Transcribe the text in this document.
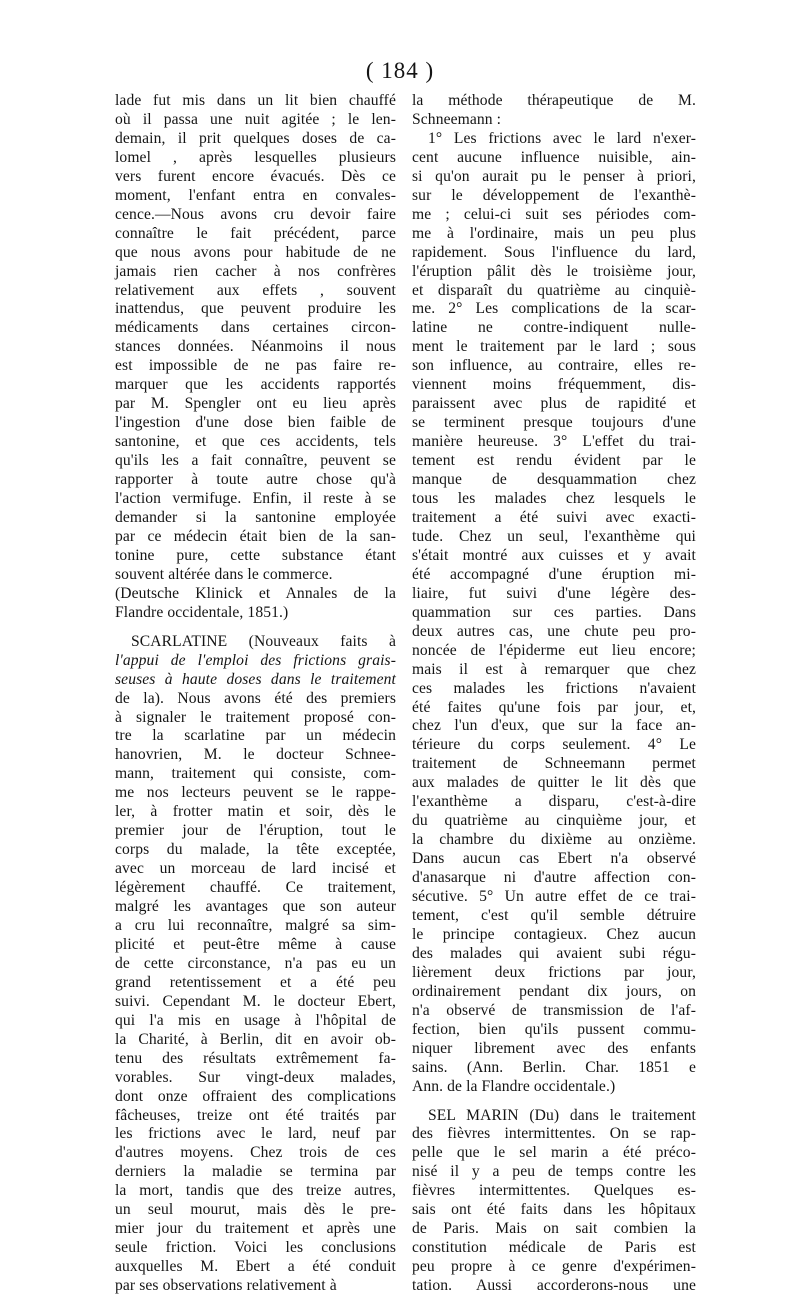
( 184 )
lade fut mis dans un lit bien chauffé
où il passa une nuit agitée ; le len-
demain, il prit quelques doses de ca-
lomel , après lesquelles plusieurs
vers furent encore évacués. Dès ce
moment, l'enfant entra en convales-
cence.—Nous avons cru devoir faire
connaître le fait précédent, parce
que nous avons pour habitude de ne
jamais rien cacher à nos confrères
relativement aux effets , souvent
inattendus, que peuvent produire les
médicaments dans certaines circon-
stances données. Néanmoins il nous
est impossible de ne pas faire re-
marquer que les accidents rapportés
par M. Spengler ont eu lieu après
l'ingestion d'une dose bien faible de
santonine, et que ces accidents, tels
qu'ils les a fait connaître, peuvent se
rapporter à toute autre chose qu'à
l'action vermifuge. Enfin, il reste à se
demander si la santonine employée
par ce médecin était bien de la san-
tonine pure, cette substance étant
souvent altérée dans le commerce.
(Deutsche Klinick et Annales de la
Flandre occidentale, 1851.)
SCARLATINE (Nouveaux faits à
l'appui de l'emploi des frictions grais-
seuses à haute doses dans le traitement
de la). Nous avons été des premiers
à signaler le traitement proposé con-
tre la scarlatine par un médecin
hanovrien, M. le docteur Schnee-
mann, traitement qui consiste, com-
me nos lecteurs peuvent se le rappe-
ler, à frotter matin et soir, dès le
premier jour de l'éruption, tout le
corps du malade, la tête exceptée,
avec un morceau de lard incisé et
légèrement chauffé. Ce traitement,
malgré les avantages que son auteur
a cru lui reconnaître, malgré sa sim-
plicité et peut-être même à cause
de cette circonstance, n'a pas eu un
grand retentissement et a été peu
suivi. Cependant M. le docteur Ebert,
qui l'a mis en usage à l'hôpital de
la Charité, à Berlin, dit en avoir ob-
tenu des résultats extrêmement fa-
vorables. Sur vingt-deux malades,
dont onze offraient des complications
fâcheuses, treize ont été traités par
les frictions avec le lard, neuf par
d'autres moyens. Chez trois de ces
derniers la maladie se termina par
la mort, tandis que des treize autres,
un seul mourut, mais dès le pre-
mier jour du traitement et après une
seule friction. Voici les conclusions
auxquelles M. Ebert a été conduit
par ses observations relativement à
la méthode thérapeutique de M.
Schneemann :
1° Les frictions avec le lard n'exer-
cent aucune influence nuisible, ain-
si qu'on aurait pu le penser à priori,
sur le développement de l'exanthè-
me ; celui-ci suit ses périodes com-
me à l'ordinaire, mais un peu plus
rapidement. Sous l'influence du lard,
l'éruption pâlit dès le troisième jour,
et disparaît du quatrième au cinquiè-
me. 2° Les complications de la scar-
latine ne contre-indiquent nulle-
ment le traitement par le lard ; sous
son influence, au contraire, elles re-
viennent moins fréquemment, dis-
paraissent avec plus de rapidité et
se terminent presque toujours d'une
manière heureuse. 3° L'effet du trai-
tement est rendu évident par le
manque de desquammation chez
tous les malades chez lesquels le
traitement a été suivi avec exacti-
tude. Chez un seul, l'exanthème qui
s'était montré aux cuisses et y avait
été accompagné d'une éruption mi-
liaire, fut suivi d'une légère des-
quammation sur ces parties. Dans
deux autres cas, une chute peu pro-
noncée de l'épiderme eut lieu encore;
mais il est à remarquer que chez
ces malades les frictions n'avaient
été faites qu'une fois par jour, et,
chez l'un d'eux, que sur la face an-
térieure du corps seulement. 4° Le
traitement de Schneemann permet
aux malades de quitter le lit dès que
l'exanthème a disparu, c'est-à-dire
du quatrième au cinquième jour, et
la chambre du dixième au onzième.
Dans aucun cas Ebert n'a observé
d'anasarque ni d'autre affection con-
sécutive. 5° Un autre effet de ce trai-
tement, c'est qu'il semble détruire
le principe contagieux. Chez aucun
des malades qui avaient subi régu-
lièrement deux frictions par jour,
ordinairement pendant dix jours, on
n'a observé de transmission de l'af-
fection, bien qu'ils pussent commu-
niquer librement avec des enfants
sains. (Ann. Berlin. Char. 1851 e
Ann. de la Flandre occidentale.)
SEL MARIN (Du) dans le traitement
des fièvres intermittentes. On se rap-
pelle que le sel marin a été préco-
nisé il y a peu de temps contre les
fièvres intermittentes. Quelques es-
sais ont été faits dans les hôpitaux
de Paris. Mais on sait combien la
constitution médicale de Paris est
peu propre à ce genre d'expérimen-
tation. Aussi accorderons-nous une
